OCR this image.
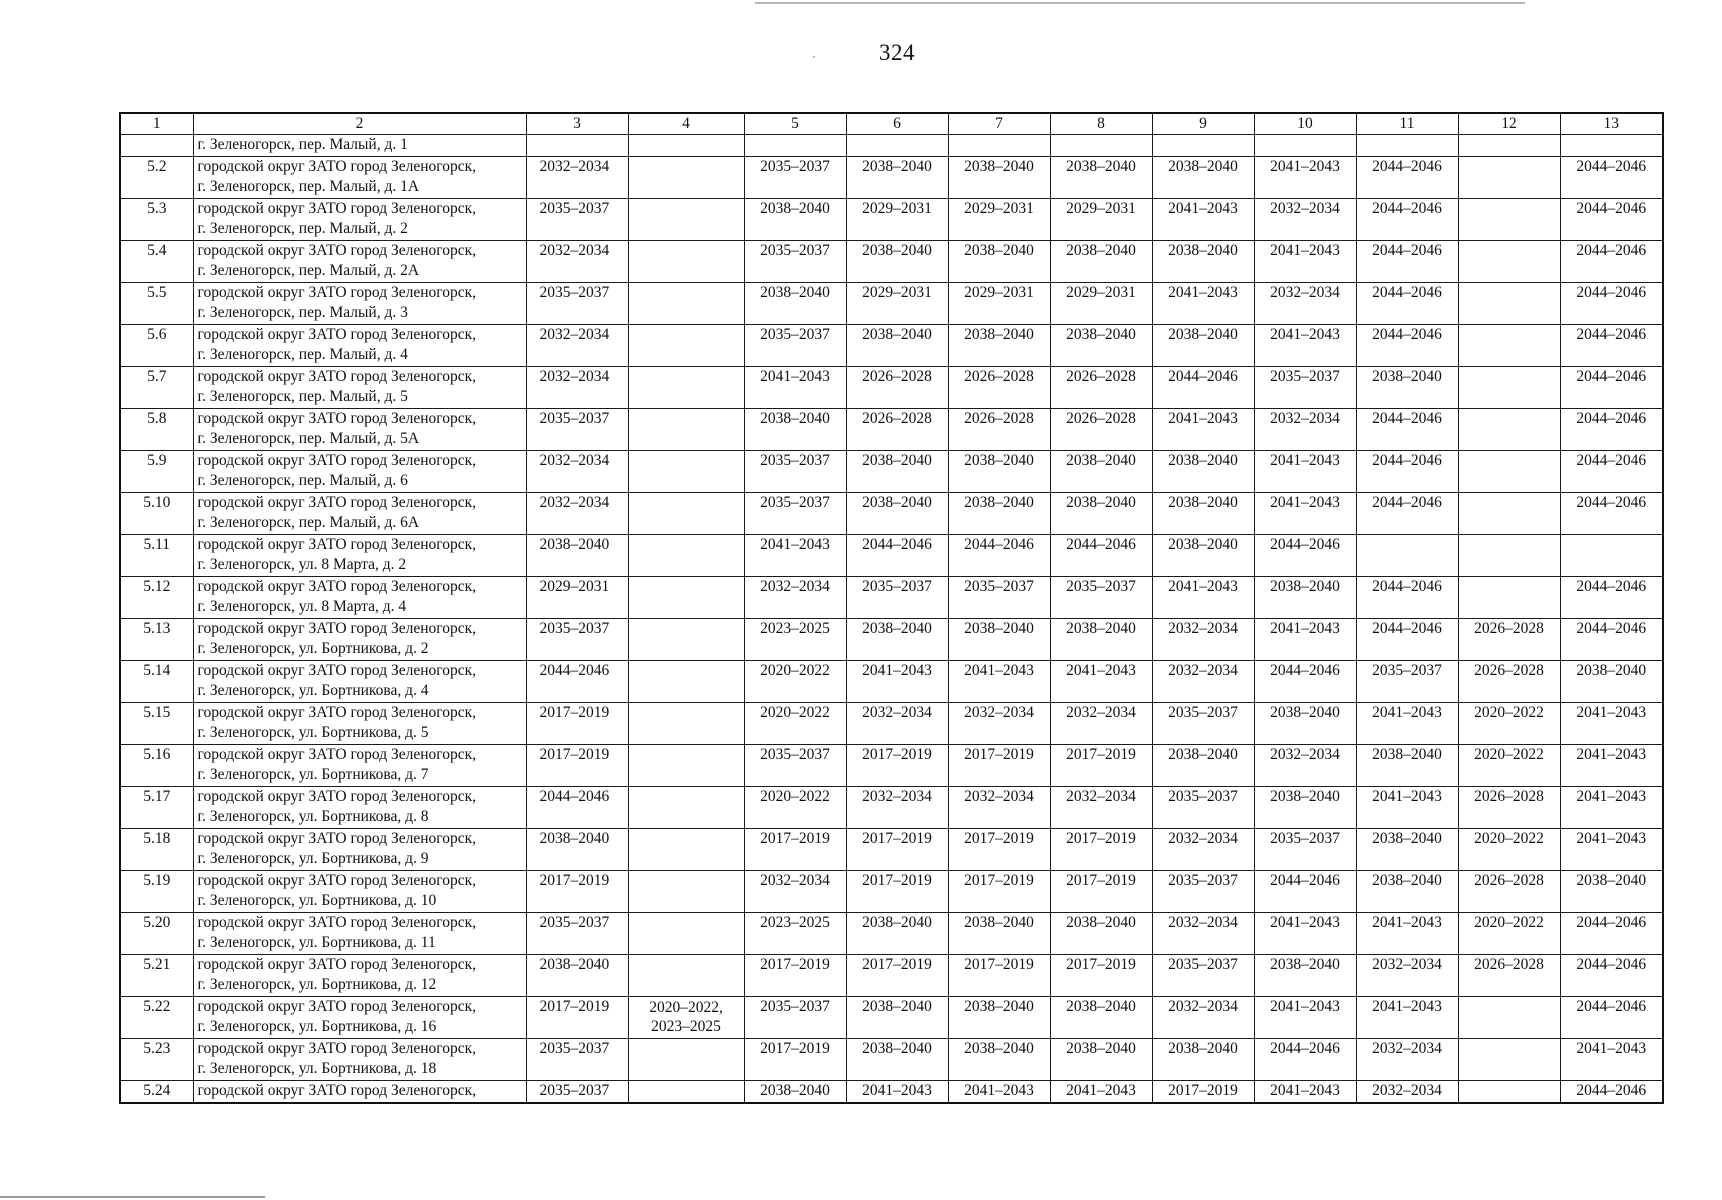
324
1	2	3	4	5	6	7	8	9	10	11	12	13
	г. Зеленогорск, пер. Малый, д. 1											
5.2	городской округ ЗАТО город Зеленогорск,
г. Зеленогорск, пер. Малый, д. 1А	2032–2034		2035–2037	2038–2040	2038–2040	2038–2040	2038–2040	2041–2043	2044–2046		2044–2046
5.3	городской округ ЗАТО город Зеленогорск,
г. Зеленогорск, пер. Малый, д. 2	2035–2037		2038–2040	2029–2031	2029–2031	2029–2031	2041–2043	2032–2034	2044–2046		2044–2046
5.4	городской округ ЗАТО город Зеленогорск,
г. Зеленогорск, пер. Малый, д. 2А	2032–2034		2035–2037	2038–2040	2038–2040	2038–2040	2038–2040	2041–2043	2044–2046		2044–2046
5.5	городской округ ЗАТО город Зеленогорск,
г. Зеленогорск, пер. Малый, д. 3	2035–2037		2038–2040	2029–2031	2029–2031	2029–2031	2041–2043	2032–2034	2044–2046		2044–2046
5.6	городской округ ЗАТО город Зеленогорск,
г. Зеленогорск, пер. Малый, д. 4	2032–2034		2035–2037	2038–2040	2038–2040	2038–2040	2038–2040	2041–2043	2044–2046		2044–2046
5.7	городской округ ЗАТО город Зеленогорск,
г. Зеленогорск, пер. Малый, д. 5	2032–2034		2041–2043	2026–2028	2026–2028	2026–2028	2044–2046	2035–2037	2038–2040		2044–2046
5.8	городской округ ЗАТО город Зеленогорск,
г. Зеленогорск, пер. Малый, д. 5А	2035–2037		2038–2040	2026–2028	2026–2028	2026–2028	2041–2043	2032–2034	2044–2046		2044–2046
5.9	городской округ ЗАТО город Зеленогорск,
г. Зеленогорск, пер. Малый, д. 6	2032–2034		2035–2037	2038–2040	2038–2040	2038–2040	2038–2040	2041–2043	2044–2046		2044–2046
5.10	городской округ ЗАТО город Зеленогорск,
г. Зеленогорск, пер. Малый, д. 6А	2032–2034		2035–2037	2038–2040	2038–2040	2038–2040	2038–2040	2041–2043	2044–2046		2044–2046
5.11	городской округ ЗАТО город Зеленогорск,
г. Зеленогорск, ул. 8 Марта, д. 2	2038–2040		2041–2043	2044–2046	2044–2046	2044–2046	2038–2040	2044–2046			
5.12	городской округ ЗАТО город Зеленогорск,
г. Зеленогорск, ул. 8 Марта, д. 4	2029–2031		2032–2034	2035–2037	2035–2037	2035–2037	2041–2043	2038–2040	2044–2046		2044–2046
5.13	городской округ ЗАТО город Зеленогорск,
г. Зеленогорск, ул. Бортникова, д. 2	2035–2037		2023–2025	2038–2040	2038–2040	2038–2040	2032–2034	2041–2043	2044–2046	2026–2028	2044–2046
5.14	городской округ ЗАТО город Зеленогорск,
г. Зеленогорск, ул. Бортникова, д. 4	2044–2046		2020–2022	2041–2043	2041–2043	2041–2043	2032–2034	2044–2046	2035–2037	2026–2028	2038–2040
5.15	городской округ ЗАТО город Зеленогорск,
г. Зеленогорск, ул. Бортникова, д. 5	2017–2019		2020–2022	2032–2034	2032–2034	2032–2034	2035–2037	2038–2040	2041–2043	2020–2022	2041–2043
5.16	городской округ ЗАТО город Зеленогорск,
г. Зеленогорск, ул. Бортникова, д. 7	2017–2019		2035–2037	2017–2019	2017–2019	2017–2019	2038–2040	2032–2034	2038–2040	2020–2022	2041–2043
5.17	городской округ ЗАТО город Зеленогорск,
г. Зеленогорск, ул. Бортникова, д. 8	2044–2046		2020–2022	2032–2034	2032–2034	2032–2034	2035–2037	2038–2040	2041–2043	2026–2028	2041–2043
5.18	городской округ ЗАТО город Зеленогорск,
г. Зеленогорск, ул. Бортникова, д. 9	2038–2040		2017–2019	2017–2019	2017–2019	2017–2019	2032–2034	2035–2037	2038–2040	2020–2022	2041–2043
5.19	городской округ ЗАТО город Зеленогорск,
г. Зеленогорск, ул. Бортникова, д. 10	2017–2019		2032–2034	2017–2019	2017–2019	2017–2019	2035–2037	2044–2046	2038–2040	2026–2028	2038–2040
5.20	городской округ ЗАТО город Зеленогорск,
г. Зеленогорск, ул. Бортникова, д. 11	2035–2037		2023–2025	2038–2040	2038–2040	2038–2040	2032–2034	2041–2043	2041–2043	2020–2022	2044–2046
5.21	городской округ ЗАТО город Зеленогорск,
г. Зеленогорск, ул. Бортникова, д. 12	2038–2040		2017–2019	2017–2019	2017–2019	2017–2019	2035–2037	2038–2040	2032–2034	2026–2028	2044–2046
5.22	городской округ ЗАТО город Зеленогорск,
г. Зеленогорск, ул. Бортникова, д. 16	2017–2019	2020–2022,
2023–2025	2035–2037	2038–2040	2038–2040	2038–2040	2032–2034	2041–2043	2041–2043		2044–2046
5.23	городской округ ЗАТО город Зеленогорск,
г. Зеленогорск, ул. Бортникова, д. 18	2035–2037		2017–2019	2038–2040	2038–2040	2038–2040	2038–2040	2044–2046	2032–2034		2041–2043
5.24	городской округ ЗАТО город Зеленогорск,	2035–2037		2038–2040	2041–2043	2041–2043	2041–2043	2017–2019	2041–2043	2032–2034		2044–2046
